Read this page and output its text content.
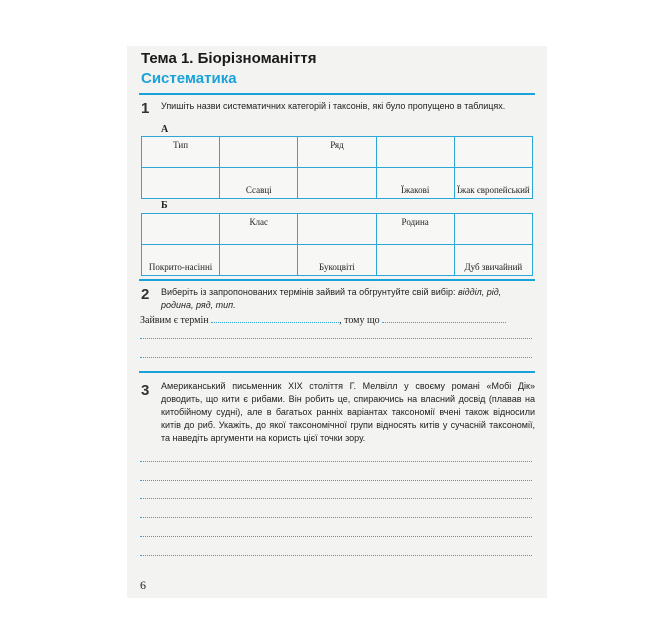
Тема 1. Біорізноманіття
Систематика
1 Упишіть назви систематичних категорій і таксонів, які було пропущено в таблицях.
А
Тип		Ряд		
	Ссавці		Їжакові	Їжак європейський
Б
	Клас		Родина	
Покрито-насінні		Букоцвіті		Дуб звичайний
2 Виберіть із запропонованих термінів зайвий та обгрунтуйте свій вибір: відділ, рід, родина, ряд, тип.
Зайвим є термін	, тому що
3 Американський письменник XIX століття Г. Мелвілл у своєму романі «Мобі Дік» доводить, що кити є рибами. Він робить це, спираючись на власний досвід (плавав на китобійному судні), але в багатьох ранніх варіантах таксономії вчені також відносили китів до риб. Укажіть, до якої таксономічної групи відносять китів у сучасній таксономії, та наведіть аргументи на користь цієї точки зору.
6
